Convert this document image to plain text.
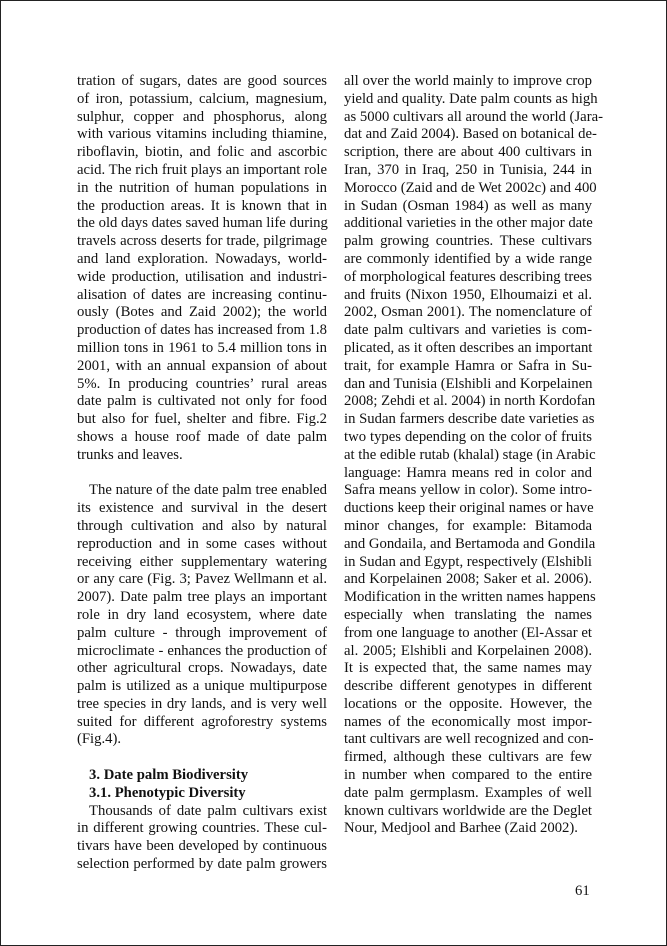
tration of sugars, dates are good sources
of iron, potassium, calcium, magnesium,
sulphur, copper and phosphorus, along
with various vitamins including thiamine,
riboflavin, biotin, and folic and ascorbic
acid. The rich fruit plays an important role
in the nutrition of human populations in
the production areas. It is known that in
the old days dates saved human life during
travels across deserts for trade, pilgrimage
and land exploration. Nowadays, world-
wide production, utilisation and industri-
alisation of dates are increasing continu-
ously (Botes and Zaid 2002); the world
production of dates has increased from 1.8
million tons in 1961 to 5.4 million tons in
2001, with an annual expansion of about
5%. In producing countries’ rural areas
date palm is cultivated not only for food
but also for fuel, shelter and fibre. Fig.2
shows a house roof made of date palm
trunks and leaves.

The nature of the date palm tree enabled
its existence and survival in the desert
through cultivation and also by natural
reproduction and in some cases without
receiving either supplementary watering
or any care (Fig. 3; Pavez Wellmann et al.
2007). Date palm tree plays an important
role in dry land ecosystem, where date
palm culture - through improvement of
microclimate - enhances the production of
other agricultural crops. Nowadays, date
palm is utilized as a unique multipurpose
tree species in dry lands, and is very well
suited for different agroforestry systems
(Fig.4).

3. Date palm Biodiversity
3.1. Phenotypic Diversity

Thousands of date palm cultivars exist
in different growing countries. These cul-
tivars have been developed by continuous
selection performed by date palm growers

all over the world mainly to improve crop
yield and quality. Date palm counts as high
as 5000 cultivars all around the world (Jara-
dat and Zaid 2004). Based on botanical de-
scription, there are about 400 cultivars in
Iran, 370 in Iraq, 250 in Tunisia, 244 in
Morocco (Zaid and de Wet 2002c) and 400
in Sudan (Osman 1984) as well as many
additional varieties in the other major date
palm growing countries. These cultivars
are commonly identified by a wide range
of morphological features describing trees
and fruits (Nixon 1950, Elhoumaizi et al.
2002, Osman 2001). The nomenclature of
date palm cultivars and varieties is com-
plicated, as it often describes an important
trait, for example Hamra or Safra in Su-
dan and Tunisia (Elshibli and Korpelainen
2008; Zehdi et al. 2004) in north Kordofan
in Sudan farmers describe date varieties as
two types depending on the color of fruits
at the edible rutab (khalal) stage (in Arabic
language: Hamra means red in color and
Safra means yellow in color). Some intro-
ductions keep their original names or have
minor changes, for example: Bitamoda
and Gondaila, and Bertamoda and Gondila
in Sudan and Egypt, respectively (Elshibli
and Korpelainen 2008; Saker et al. 2006).
Modification in the written names happens
especially when translating the names
from one language to another (El-Assar et
al. 2005; Elshibli and Korpelainen 2008).
It is expected that, the same names may
describe different genotypes in different
locations or the opposite. However, the
names of the economically most impor-
tant cultivars are well recognized and con-
firmed, although these cultivars are few
in number when compared to the entire
date palm germplasm. Examples of well
known cultivars worldwide are the Deglet
Nour, Medjool and Barhee (Zaid 2002).

61
